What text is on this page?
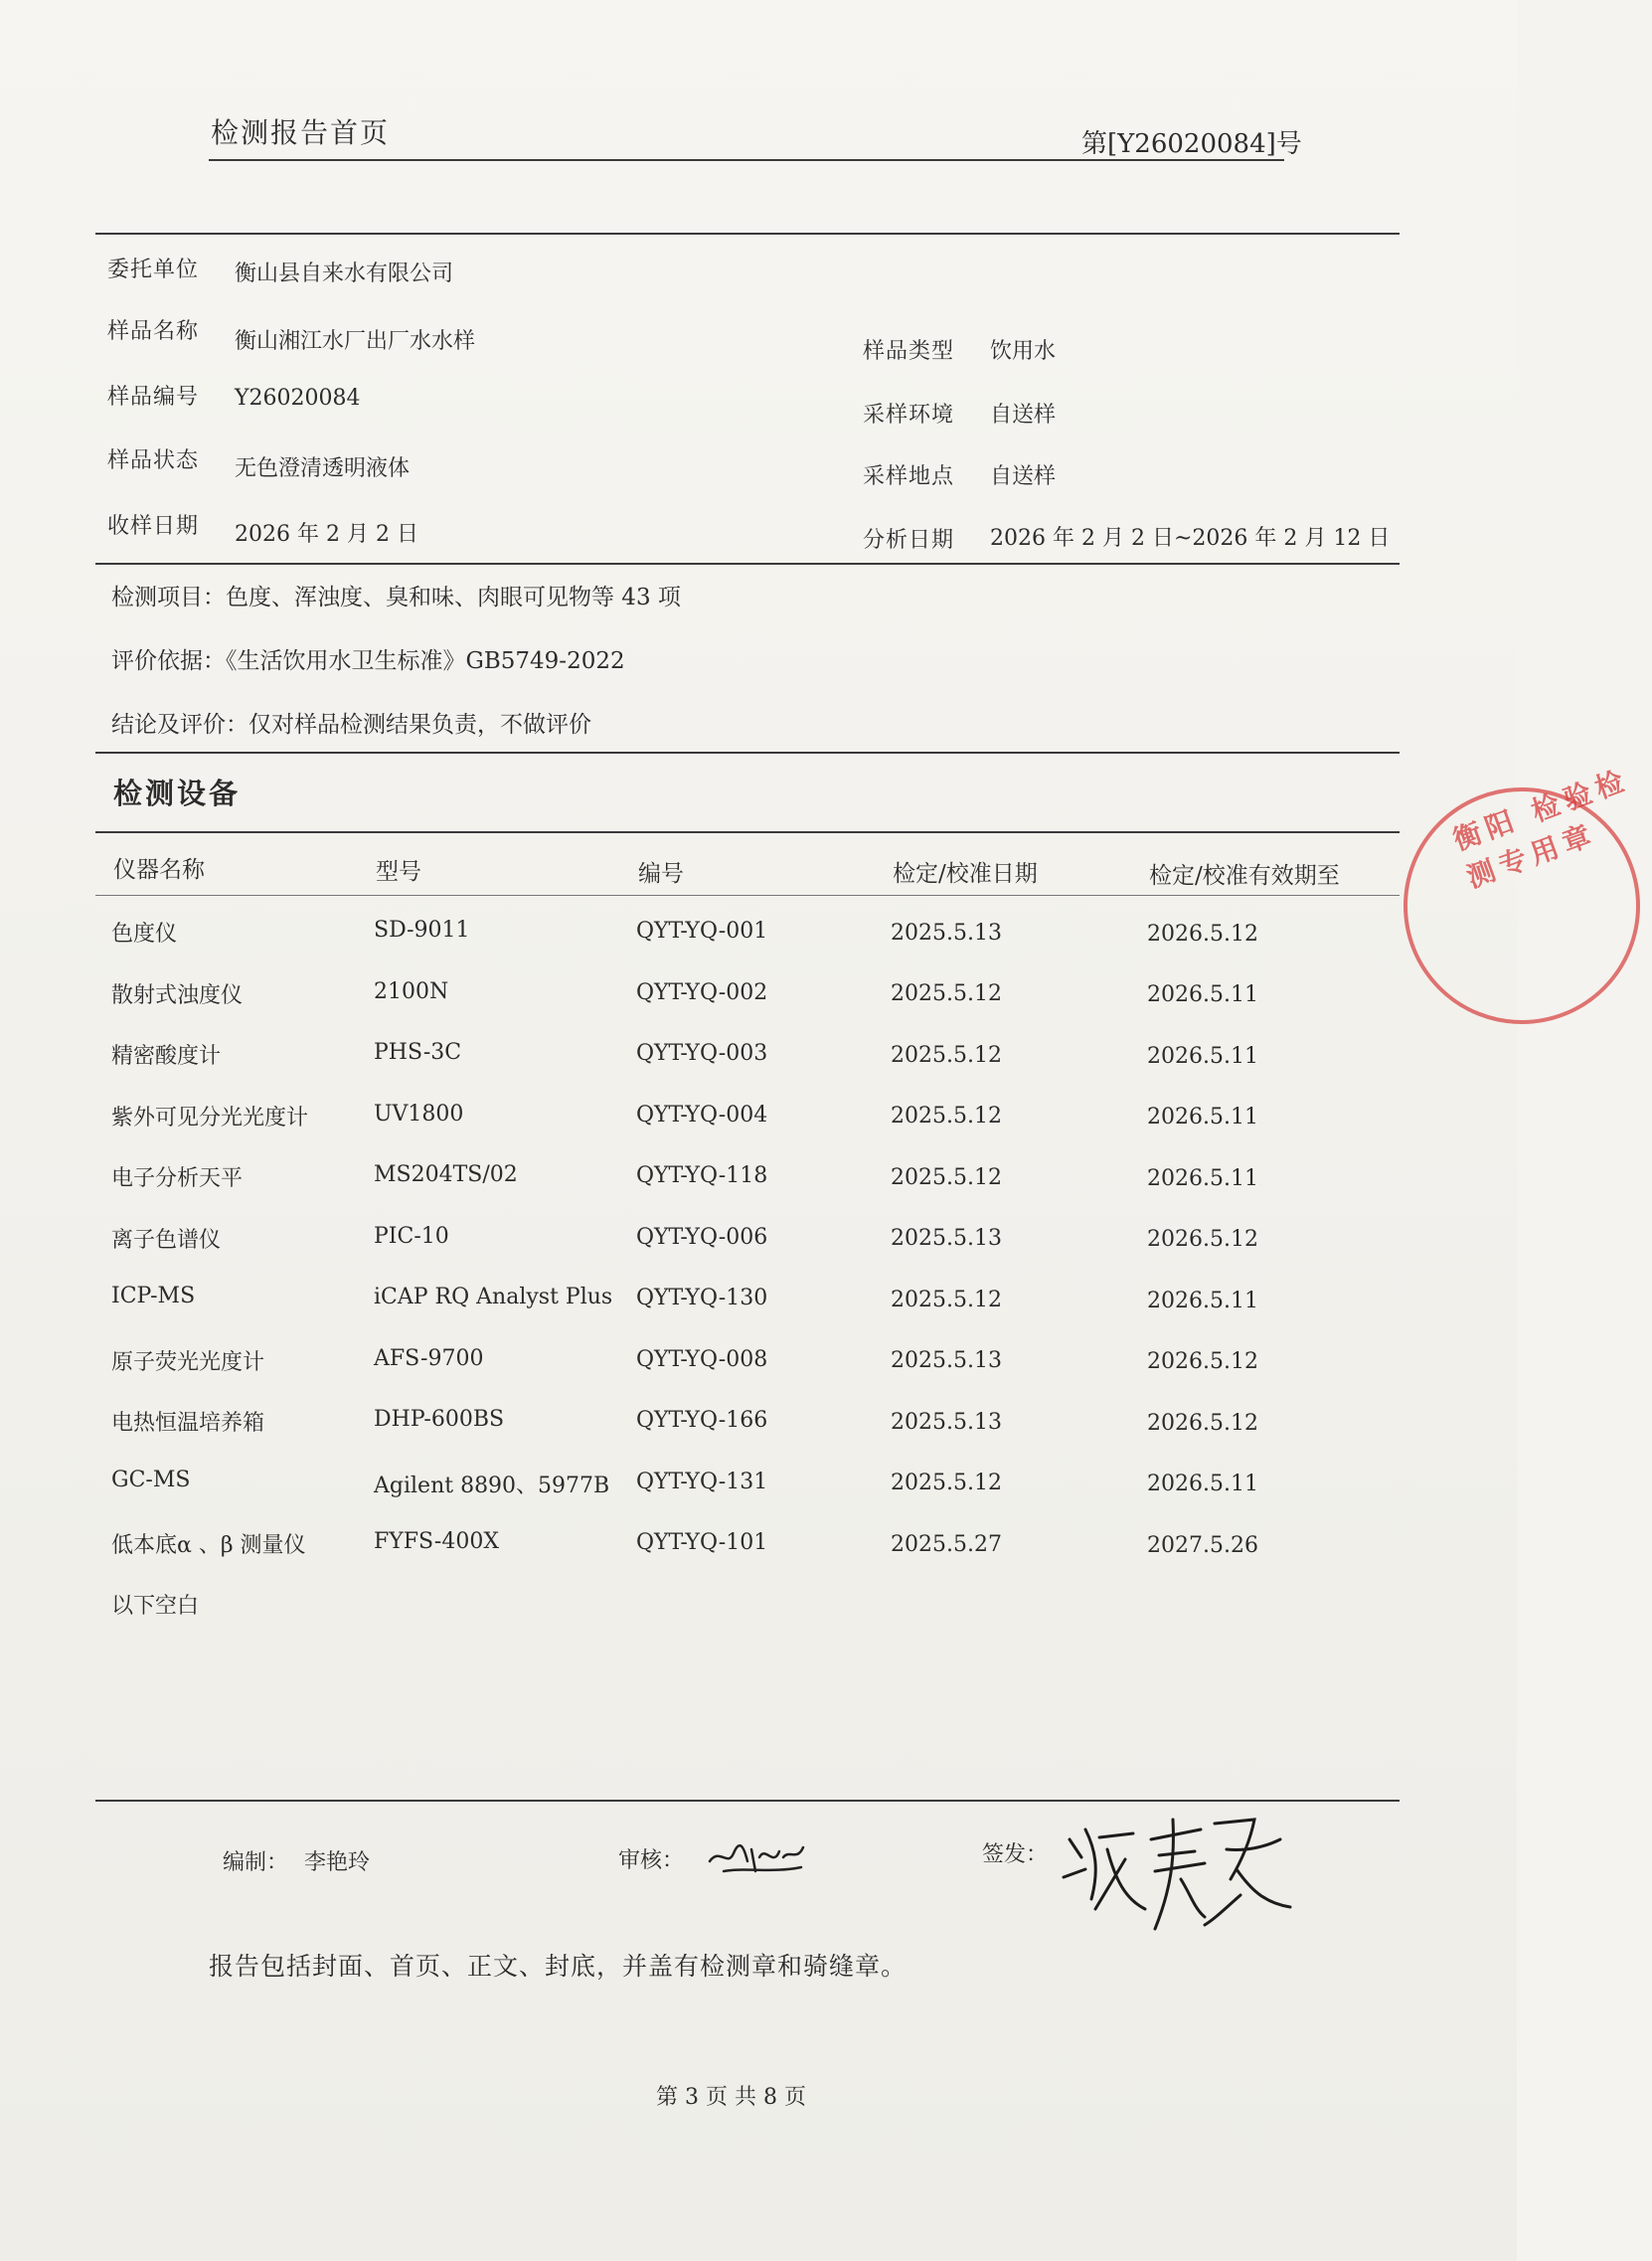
检测报告首页	第[Y26020084]号
委托单位 衡山县自来水有限公司
样品名称 衡山湘江水厂出厂水水样	样品类型 饮用水
样品编号 Y26020084
采样环境 自送样
样品状态 无色澄清透明液体	采样地点 自送样
收样日期 2026 年 2 月 2 日	分析日期 2026 年 2 月 2 日~2026 年 2 月 12 日
检测项目：色度、浑浊度、臭和味、肉眼可见物等 43 项
评价依据：《生活饮用水卫生标准》GB5749-2022
结论及评价：仅对样品检测结果负责，不做评价
检测设备
仪器名称	型号	编号	检定/校准日期	检定/校准有效期至
色度仪	SD-9011	QYT-YQ-001	2025.5.13	2026.5.12
散射式浊度仪	2100N	QYT-YQ-002	2025.5.12	2026.5.11
精密酸度计	PHS-3C	QYT-YQ-003	2025.5.12	2026.5.11
紫外可见分光光度计	UV1800	QYT-YQ-004	2025.5.12	2026.5.11
电子分析天平	MS204TS/02	QYT-YQ-118	2025.5.12	2026.5.11
离子色谱仪	PIC-10	QYT-YQ-006	2025.5.13	2026.5.12
ICP-MS	iCAP RQ Analyst Plus QYT-YQ-130	2025.5.12	2026.5.11
原子荧光光度计	AFS-9700	QYT-YQ-008	2025.5.13	2026.5.12
电热恒温培养箱	DHP-600BS	QYT-YQ-166	2025.5.13	2026.5.12
GC-MS	Agilent 8890、5977B QYT-YQ-131	2025.5.12	2026.5.11
低本底α 、β 测量仪	FYFS-400X	QYT-YQ-101	2025.5.27	2027.5.26
以下空白
编制： 李艳玲	审核：	签发：
报告包括封面、首页、正文、封底，并盖有检测章和骑缝章。
第 3 页 共 8 页
衡阳 检验检测专用章
